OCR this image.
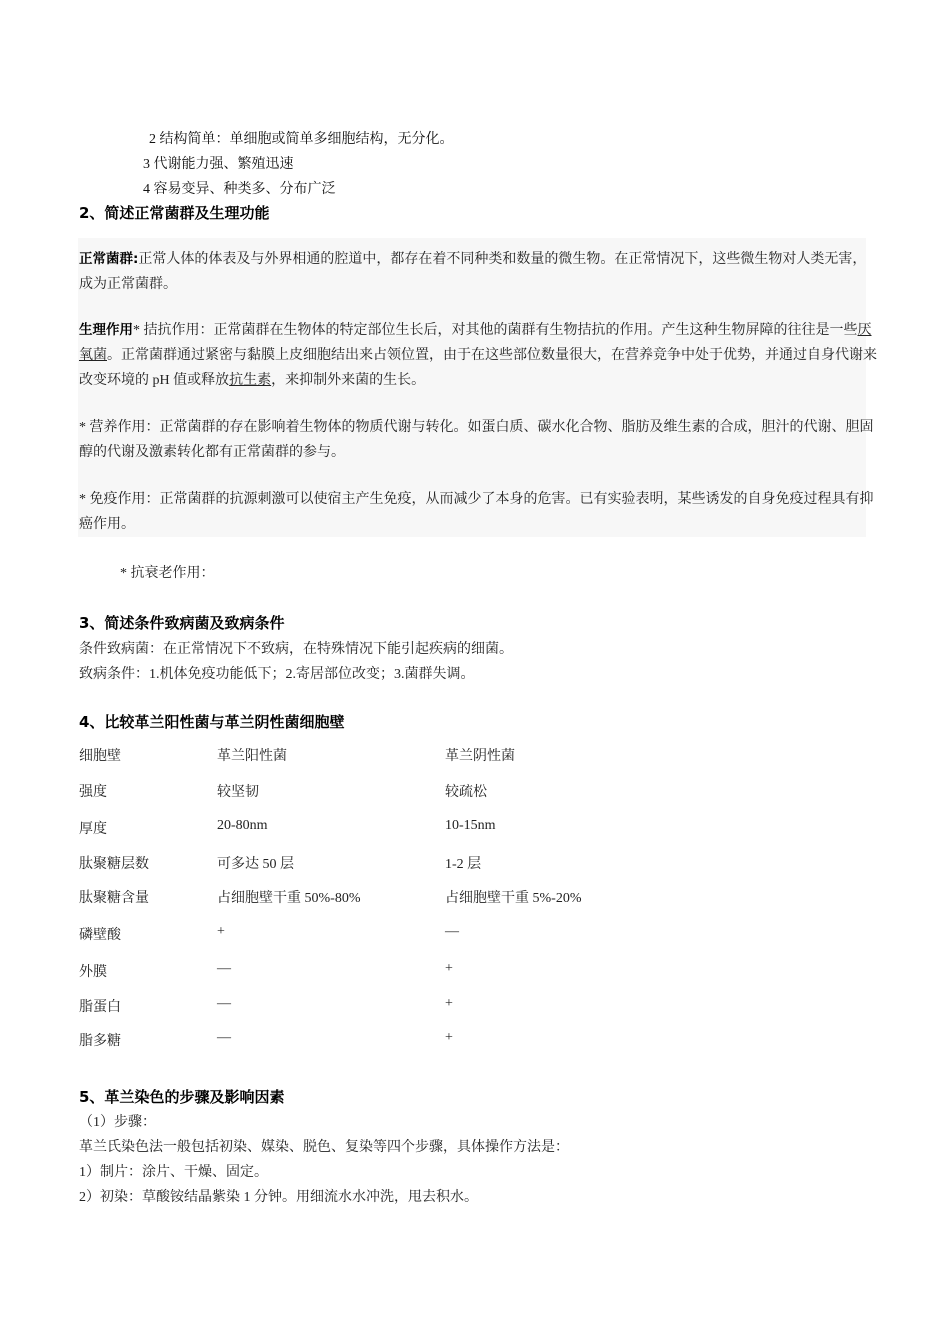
2 结构简单：单细胞或简单多细胞结构，无分化。
3 代谢能力强、繁殖迅速
4 容易变异、种类多、分布广泛
2、简述正常菌群及生理功能
正常菌群:正常人体的体表及与外界相通的腔道中，都存在着不同种类和数量的微生物。在正常情况下，这些微生物对人类无害，成为正常菌群。
生理作用* 拮抗作用：正常菌群在生物体的特定部位生长后，对其他的菌群有生物拮抗的作用。产生这种生物屏障的往往是一些厌氧菌。正常菌群通过紧密与黏膜上皮细胞结出来占领位置，由于在这些部位数量很大，在营养竞争中处于优势，并通过自身代谢来改变环境的 pH 值或释放抗生素，来抑制外来菌的生长。
* 营养作用：正常菌群的存在影响着生物体的物质代谢与转化。如蛋白质、碳水化合物、脂肪及维生素的合成，胆汁的代谢、胆固醇的代谢及激素转化都有正常菌群的参与。
* 免疫作用：正常菌群的抗源刺激可以使宿主产生免疫，从而减少了本身的危害。已有实验表明，某些诱发的自身免疫过程具有抑癌作用。
* 抗衰老作用：
3、简述条件致病菌及致病条件
条件致病菌：在正常情况下不致病，在特殊情况下能引起疾病的细菌。
致病条件：1.机体免疫功能低下；2.寄居部位改变；3.菌群失调。
4、比较革兰阳性菌与革兰阴性菌细胞壁
细胞壁	革兰阳性菌	革兰阴性菌
强度	较坚韧	较疏松
厚度	20-80nm	10-15nm
肽聚糖层数	可多达 50 层	1-2 层
肽聚糖含量	占细胞壁干重 50%-80%	占细胞壁干重 5%-20%
磷壁酸	+	—
外膜	—	+
脂蛋白	—	+
脂多糖	—	+
5、革兰染色的步骤及影响因素
（1）步骤：
革兰氏染色法一般包括初染、媒染、脱色、复染等四个步骤，具体操作方法是：
1）制片：涂片、干燥、固定。
2）初染：草酸铵结晶紫染 1 分钟。用细流水水冲洗，甩去积水。
